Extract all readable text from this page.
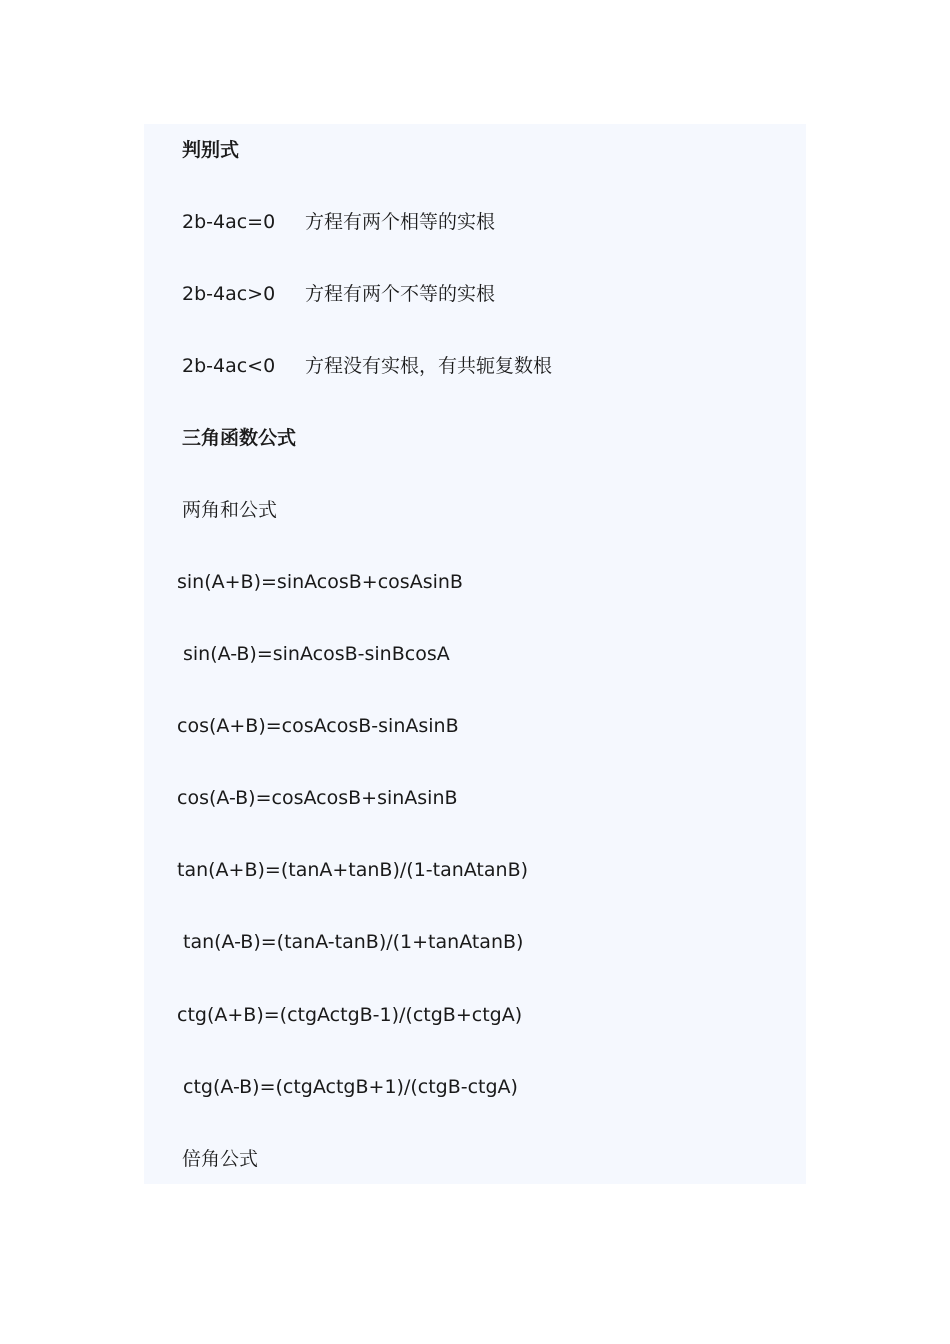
判别式
2b-4ac=0 方程有两个相等的实根
2b-4ac>0 方程有两个不等的实根
2b-4ac<0 方程没有实根，有共轭复数根
三角函数公式
两角和公式
sin(A+B)=sinAcosB+cosAsinB
sin(A-B)=sinAcosB-sinBcosA
cos(A+B)=cosAcosB-sinAsinB
cos(A-B)=cosAcosB+sinAsinB
tan(A+B)=(tanA+tanB)/(1-tanAtanB)
tan(A-B)=(tanA-tanB)/(1+tanAtanB)
ctg(A+B)=(ctgActgB-1)/(ctgB+ctgA)
ctg(A-B)=(ctgActgB+1)/(ctgB-ctgA)
倍角公式
